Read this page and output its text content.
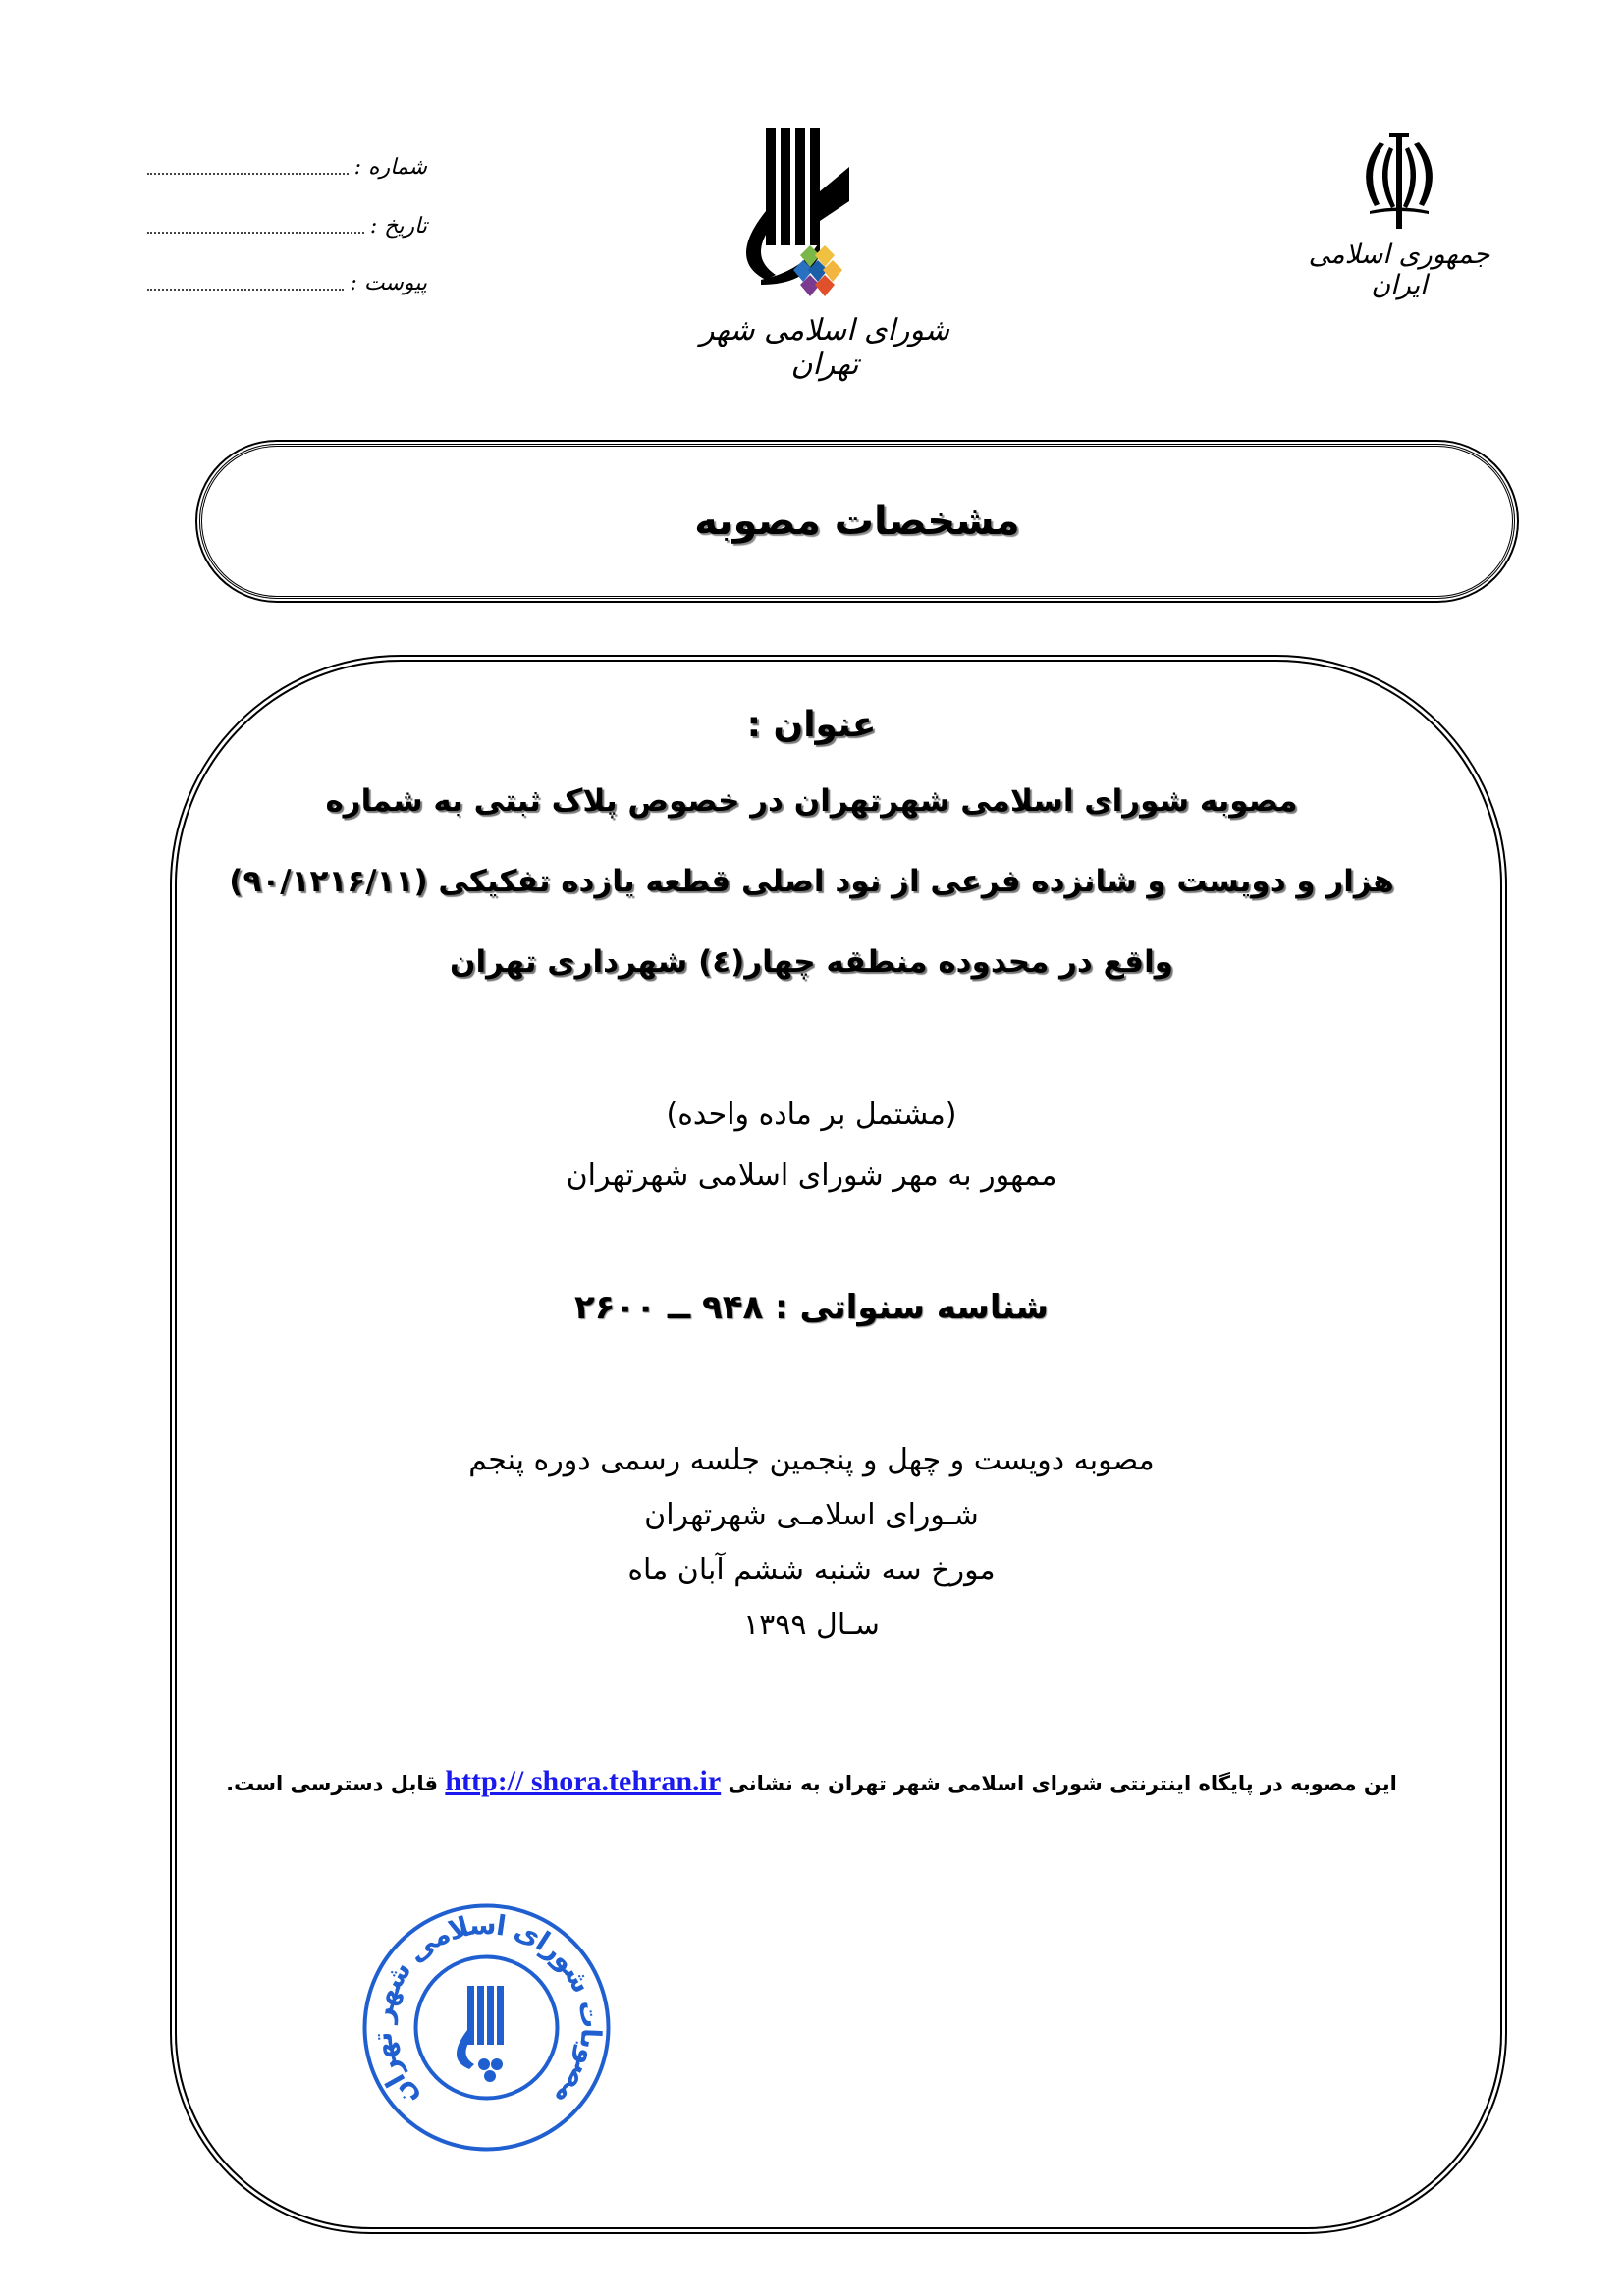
شماره :
تاریخ :
پیوست :
شورای اسلامی شهر تهران
جمهوری اسلامی ایران
مشخصات مصوبه
عنوان :
مصوبه شورای اسلامی شهرتهران در خصوص پلاک ثبتی به شماره
هزار و دویست و شانزده فرعی از نود اصلی قطعه یازده تفکیکی (۹۰/۱۲۱۶/۱۱)
واقع در محدوده منطقه چهار(٤) شهرداری تهران
(مشتمل بر ماده واحده)
ممهور به مهر شورای اسلامی شهرتهران
شناسه سنواتی : ۹۴۸ ــ ۲۶۰۰
مصوبه دویست و چهل و پنجمین جلسه رسمی دوره پنجم
شـورای اسلامـی شهرتهران
مورخ سه شنبه ششم آبان ماه
سـال ۱۳۹۹
این مصوبه در پایگاه اینترنتی شورای اسلامی شهر تهران به نشانی http:// shora.tehran.ir قابل دسترسی است.
مصوبات شورای اسلامی شهر تهران
